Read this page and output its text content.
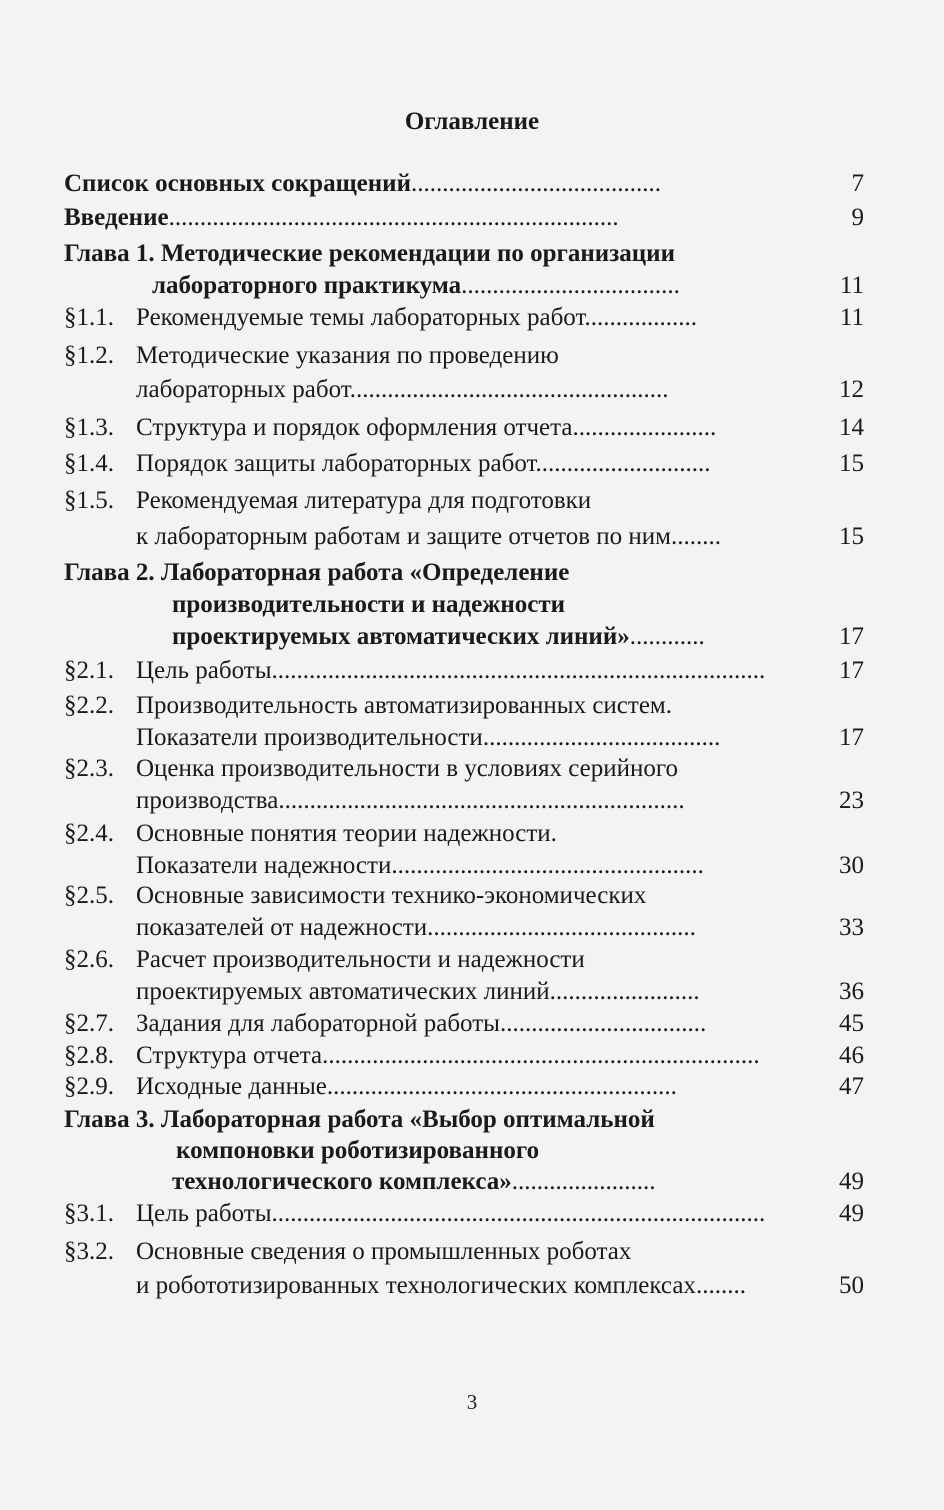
Оглавление
Список основных сокращений........................................	7
Введение........................................................................	9
Глава 1. Методические рекомендации по организации
лабораторного практикума...................................	11
§1.1. Рекомендуемые темы лабораторных работ..................	11
§1.2. Методические указания по проведению
лабораторных работ...................................................	12
§1.3. Структура и порядок оформления отчета.......................	14
§1.4. Порядок защиты лабораторных работ............................	15
§1.5. Рекомендуемая литература для подготовки
к лабораторным работам и защите отчетов по ним........	15
Глава 2. Лабораторная работа «Определение
производительности и надежности
проектируемых автоматических линий»............	17
§2.1. Цель работы...............................................................................	17
§2.2. Производительность автоматизированных систем.
Показатели производительности......................................	17
§2.3. Оценка производительности в условиях серийного
производства.................................................................	23
§2.4. Основные понятия теории надежности.
Показатели надежности..................................................	30
§2.5. Основные зависимости технико-экономических
показателей от надежности...........................................	33
§2.6. Расчет производительности и надежности
проектируемых автоматических линий........................	36
§2.7. Задания для лабораторной работы.................................	45
§2.8. Структура отчета......................................................................	46
§2.9. Исходные данные........................................................	47
Глава 3. Лабораторная работа «Выбор оптимальной
компоновки роботизированного
технологического комплекса».......................	49
§3.1. Цель работы...............................................................................	49
§3.2. Основные сведения о промышленных роботах
и робототизированных технологических комплексах........	50
3
